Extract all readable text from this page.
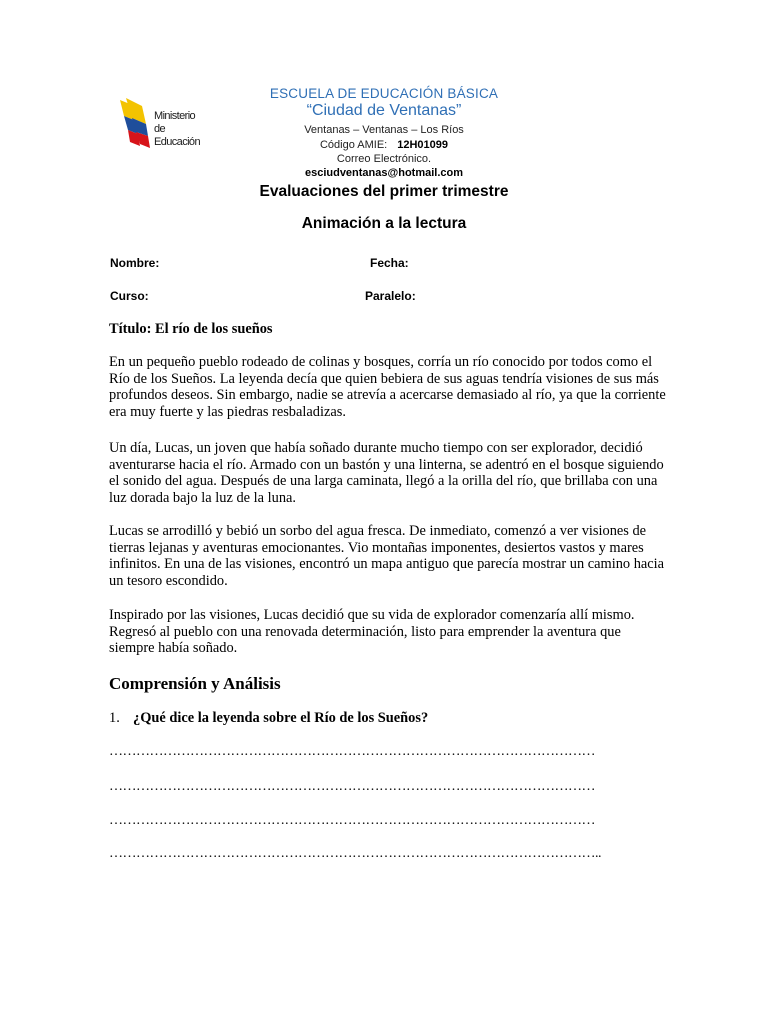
Ministerio
de Educación
ESCUELA DE EDUCACIÓN BÁSICA
“Ciudad de Ventanas”
Ventanas – Ventanas – Los Ríos
Código AMIE: 12H01099
Correo Electrónico.
esciudventanas@hotmail.com
Evaluaciones del primer trimestre
Animación a la lectura
Nombre:	Fecha:
Curso:	Paralelo:
Título: El río de los sueños
En un pequeño pueblo rodeado de colinas y bosques, corría un río conocido por todos como el Río de los Sueños. La leyenda decía que quien bebiera de sus aguas tendría visiones de sus más profundos deseos. Sin embargo, nadie se atrevía a acercarse demasiado al río, ya que la corriente era muy fuerte y las piedras resbaladizas.
Un día, Lucas, un joven que había soñado durante mucho tiempo con ser explorador, decidió aventurarse hacia el río. Armado con un bastón y una linterna, se adentró en el bosque siguiendo el sonido del agua. Después de una larga caminata, llegó a la orilla del río, que brillaba con una luz dorada bajo la luz de la luna.
Lucas se arrodilló y bebió un sorbo del agua fresca. De inmediato, comenzó a ver visiones de tierras lejanas y aventuras emocionantes. Vio montañas imponentes, desiertos vastos y mares infinitos. En una de las visiones, encontró un mapa antiguo que parecía mostrar un camino hacia un tesoro escondido.
Inspirado por las visiones, Lucas decidió que su vida de explorador comenzaría allí mismo. Regresó al pueblo con una renovada determinación, listo para emprender la aventura que siempre había soñado.
Comprensión y Análisis
1. ¿Qué dice la leyenda sobre el Río de los Sueños?
………………………………………………………………………………………………
………………………………………………………………………………………………
………………………………………………………………………………………………
………………………………………………………………………………………………..
